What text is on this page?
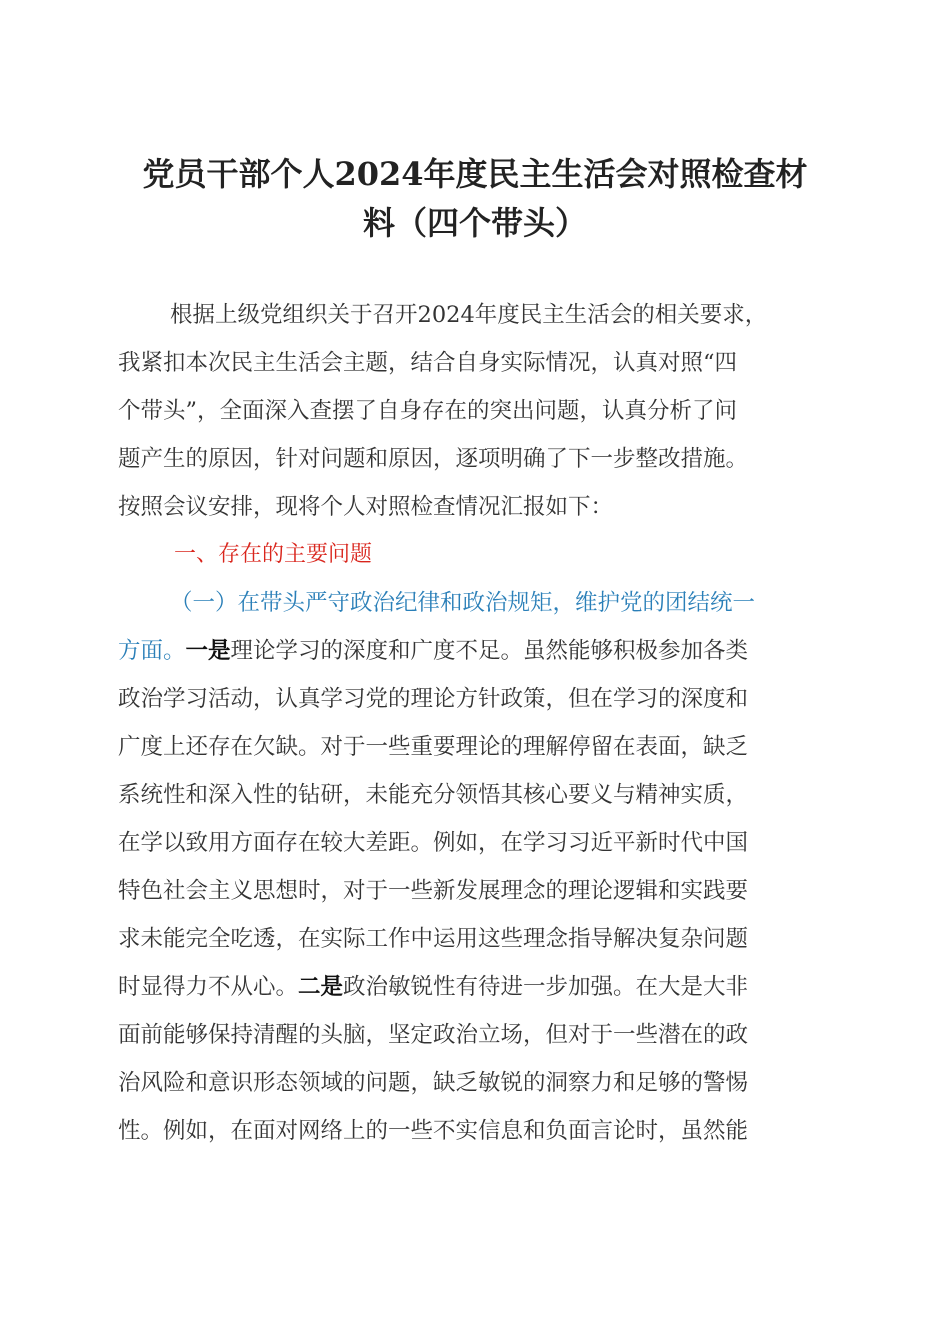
党员干部个人2024年度民主生活会对照检查材
料（四个带头）
根据上级党组织关于召开2024年度民主生活会的相关要求，
我紧扣本次民主生活会主题，结合自身实际情况，认真对照“四
个带头”，全面深入查摆了自身存在的突出问题，认真分析了问
题产生的原因，针对问题和原因，逐项明确了下一步整改措施。
按照会议安排，现将个人对照检查情况汇报如下：
一、存在的主要问题
（一）在带头严守政治纪律和政治规矩，维护党的团结统一
方面。一是理论学习的深度和广度不足。虽然能够积极参加各类
政治学习活动，认真学习党的理论方针政策，但在学习的深度和
广度上还存在欠缺。对于一些重要理论的理解停留在表面，缺乏
系统性和深入性的钻研，未能充分领悟其核心要义与精神实质，
在学以致用方面存在较大差距。例如，在学习习近平新时代中国
特色社会主义思想时，对于一些新发展理念的理论逻辑和实践要
求未能完全吃透，在实际工作中运用这些理念指导解决复杂问题
时显得力不从心。二是政治敏锐性有待进一步加强。在大是大非
面前能够保持清醒的头脑，坚定政治立场，但对于一些潜在的政
治风险和意识形态领域的问题，缺乏敏锐的洞察力和足够的警惕
性。例如，在面对网络上的一些不实信息和负面言论时，虽然能
